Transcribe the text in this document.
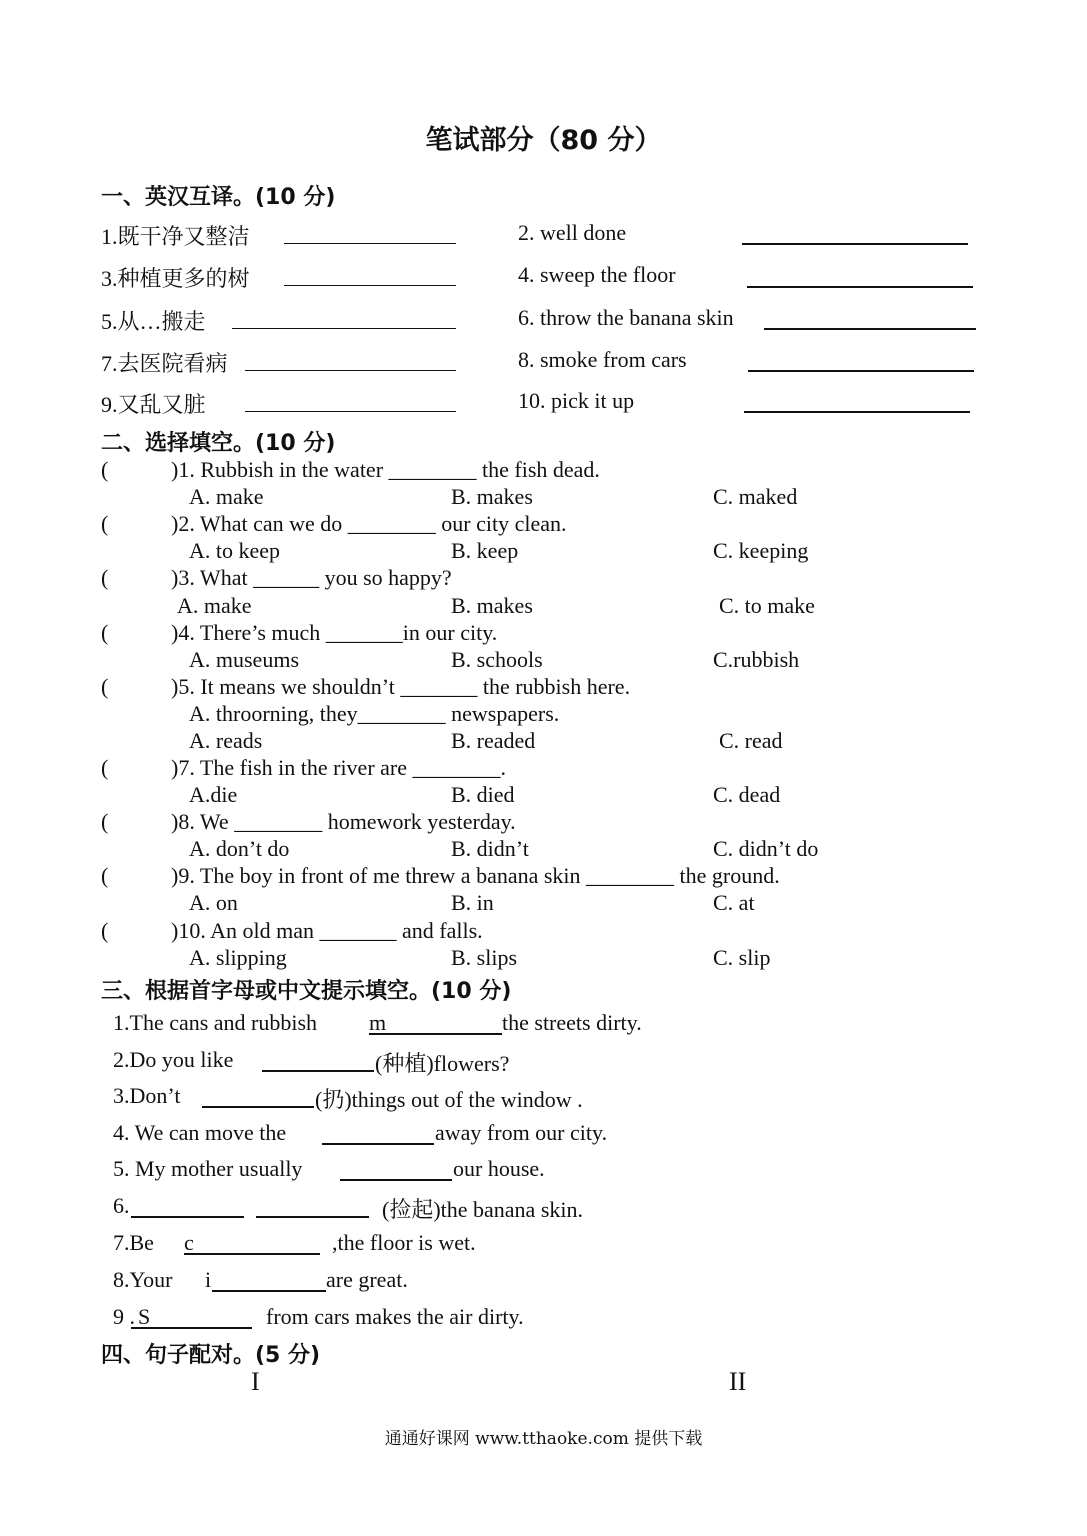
笔试部分（80 分）
一、英汉互译。(10 分)
1.既干净又整洁	2. well done
3.种植更多的树	4. sweep the floor
5.从…搬走	6. throw the banana skin
7.去医院看病	8. smoke from cars
9.又乱又脏	10. pick it up
二、选择填空。(10 分)
(	)1. Rubbish in the water ________ the fish dead.
A. make	B. makes	C. maked
(	)2. What can we do ________ our city clean.
A. to keep	B. keep	C. keeping
(	)3. What ______ you so happy?
A. make	B. makes	C. to make
(	)4. There’s much _______in our city.
A. museums	B. schools	C.rubbish
(	)5. It means we shouldn’t _______ the rubbish here.
A. throorning, they________ newspapers.
A. reads	B. readed	C. read
(	)7. The fish in the river are ________.
A.die	B. died	C. dead
(	)8. We ________ homework yesterday.
A. don’t do	B. didn’t	C. didn’t do
(	)9. The boy in front of me threw a banana skin ________ the ground.
A. on	B. in	C. at
(	)10. An old man _______ and falls.
A. slipping	B. slips	C. slip
三、根据首字母或中文提示填空。(10 分)
1.The cans and rubbish m	the streets dirty.
2.Do you like	(种植)flowers?
3.Don’t	(扔)things out of the window .
4. We can move the	away from our city.
5. My mother usually	our house.
6.	(捡起)the banana skin.
7.Be c	,the floor is wet.
8.Your i	are great.
9 . S	from cars makes the air dirty.
四、句子配对。(5 分)
I	II
通通好课网 www.tthaoke.com 提供下载
